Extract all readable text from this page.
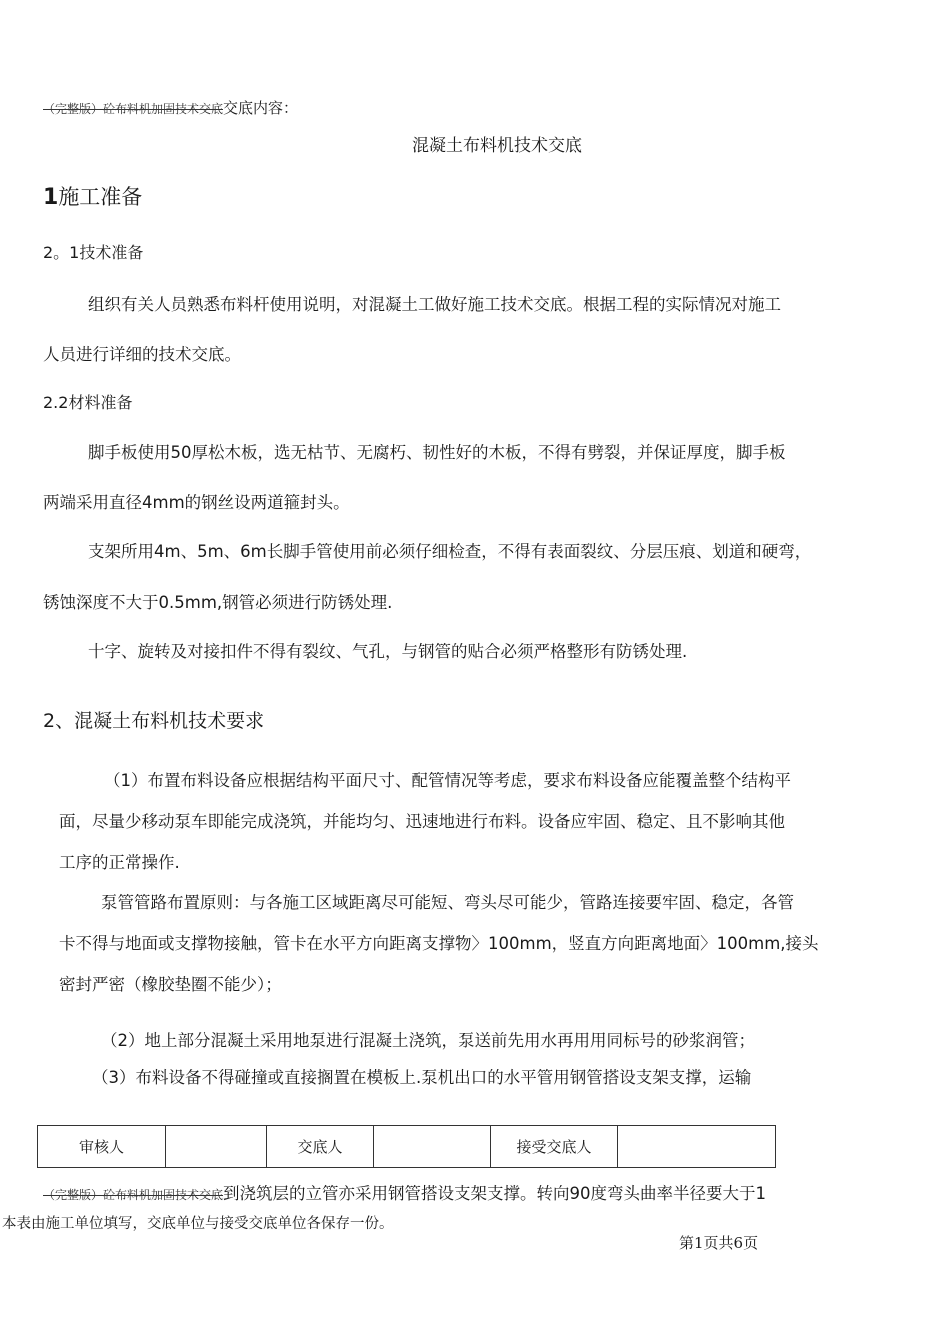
（完整版）砼布料机加固技术交底交底内容：
混凝土布料机技术交底
1施工准备
2。1技术准备
组织有关人员熟悉布料杆使用说明，对混凝土工做好施工技术交底。根据工程的实际情况对施工
人员进行详细的技术交底。
2.2材料准备
脚手板使用50厚松木板，选无枯节、无腐朽、韧性好的木板，不得有劈裂，并保证厚度，脚手板
两端采用直径4mm的钢丝设两道箍封头。
支架所用4m、5m、6m长脚手管使用前必须仔细检查，不得有表面裂纹、分层压痕、划道和硬弯，
锈蚀深度不大于0.5mm,钢管必须进行防锈处理.
十字、旋转及对接扣件不得有裂纹、气孔，与钢管的贴合必须严格整形有防锈处理.
2、混凝土布料机技术要求
（1）布置布料设备应根据结构平面尺寸、配管情况等考虑，要求布料设备应能覆盖整个结构平
面，尽量少移动泵车即能完成浇筑，并能均匀、迅速地进行布料。设备应牢固、稳定、且不影响其他
工序的正常操作.
泵管管路布置原则：与各施工区域距离尽可能短、弯头尽可能少，管路连接要牢固、稳定，各管
卡不得与地面或支撑物接触，管卡在水平方向距离支撑物〉100mm，竖直方向距离地面〉100mm,接头
密封严密（橡胶垫圈不能少）；
（2）地上部分混凝土采用地泵进行混凝土浇筑，泵送前先用水再用用同标号的砂浆润管；
（3）布料设备不得碰撞或直接搁置在模板上.泵机出口的水平管用钢管搭设支架支撑，运输
审核人		交底人		接受交底人	
（完整版）砼布料机加固技术交底到浇筑层的立管亦采用钢管搭设支架支撑。转向90度弯头曲率半径要大于1
本表由施工单位填写，交底单位与接受交底单位各保存一份。
第1页共6页
